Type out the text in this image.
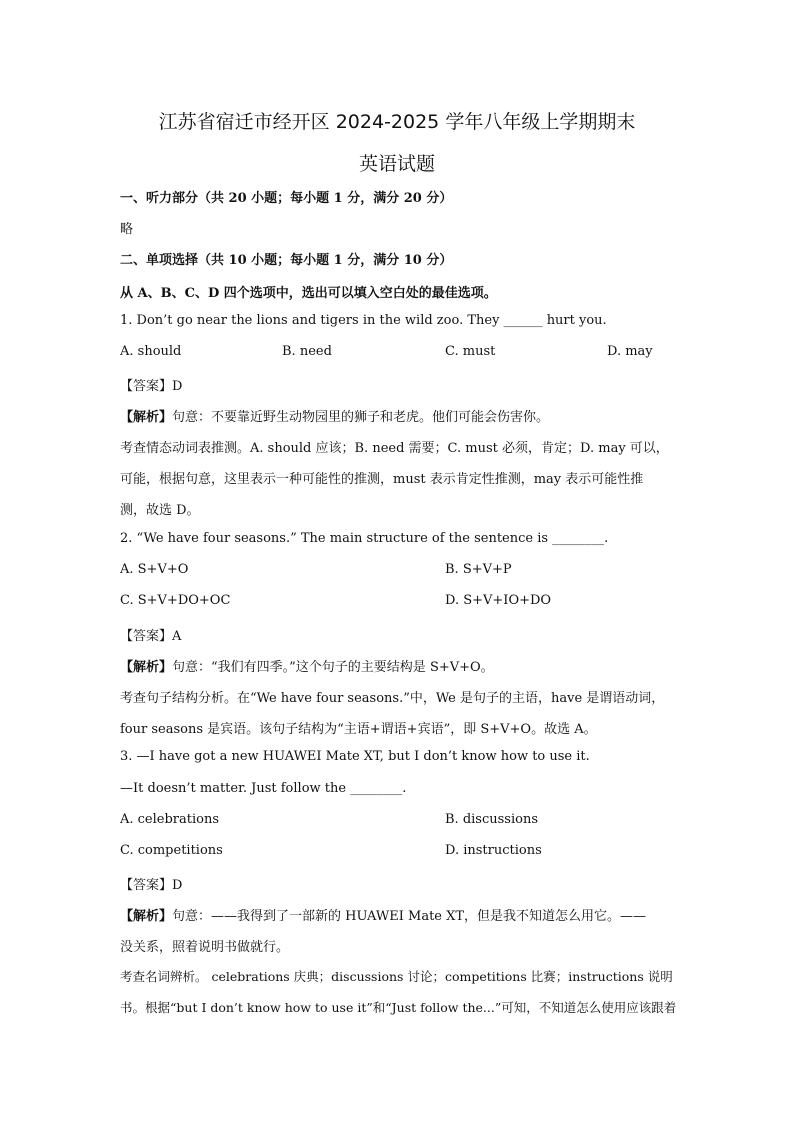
江苏省宿迁市经开区 2024-2025 学年八年级上学期期末
英语试题
一、听力部分（共 20 小题；每小题 1 分，满分 20 分）
略
二、单项选择（共 10 小题；每小题 1 分，满分 10 分）
从 A、B、C、D 四个选项中，选出可以填入空白处的最佳选项。
1. Don’t go near the lions and tigers in the wild zoo. They ______ hurt you.
A. should	B. need	C. must	D. may
【答案】D
【解析】句意：不要靠近野生动物园里的狮子和老虎。他们可能会伤害你。
考查情态动词表推测。A. should 应该；B. need 需要；C. must 必须，肯定；D. may 可以，
可能，根据句意，这里表示一种可能性的推测，must 表示肯定性推测，may 表示可能性推
测，故选 D。
2. “We have four seasons.” The main structure of the sentence is ________.
A. S+V+O	B. S+V+P
C. S+V+DO+OC	D. S+V+IO+DO
【答案】A
【解析】句意：“我们有四季。”这个句子的主要结构是 S+V+O。
考查句子结构分析。在“We have four seasons.”中，We 是句子的主语，have 是谓语动词，
four seasons 是宾语。该句子结构为“主语+谓语+宾语”，即 S+V+O。故选 A。
3. —I have got a new HUAWEI Mate XT, but I don’t know how to use it.
—It doesn’t matter. Just follow the ________.
A. celebrations	B. discussions
C. competitions	D. instructions
【答案】D
【解析】句意：——我得到了一部新的 HUAWEI Mate XT，但是我不知道怎么用它。——
没关系，照着说明书做就行。
考查名词辨析。 celebrations 庆典；discussions 讨论；competitions 比赛；instructions 说明
书。根据“but I don’t know how to use it”和“Just follow the...”可知，不知道怎么使用应该跟着
